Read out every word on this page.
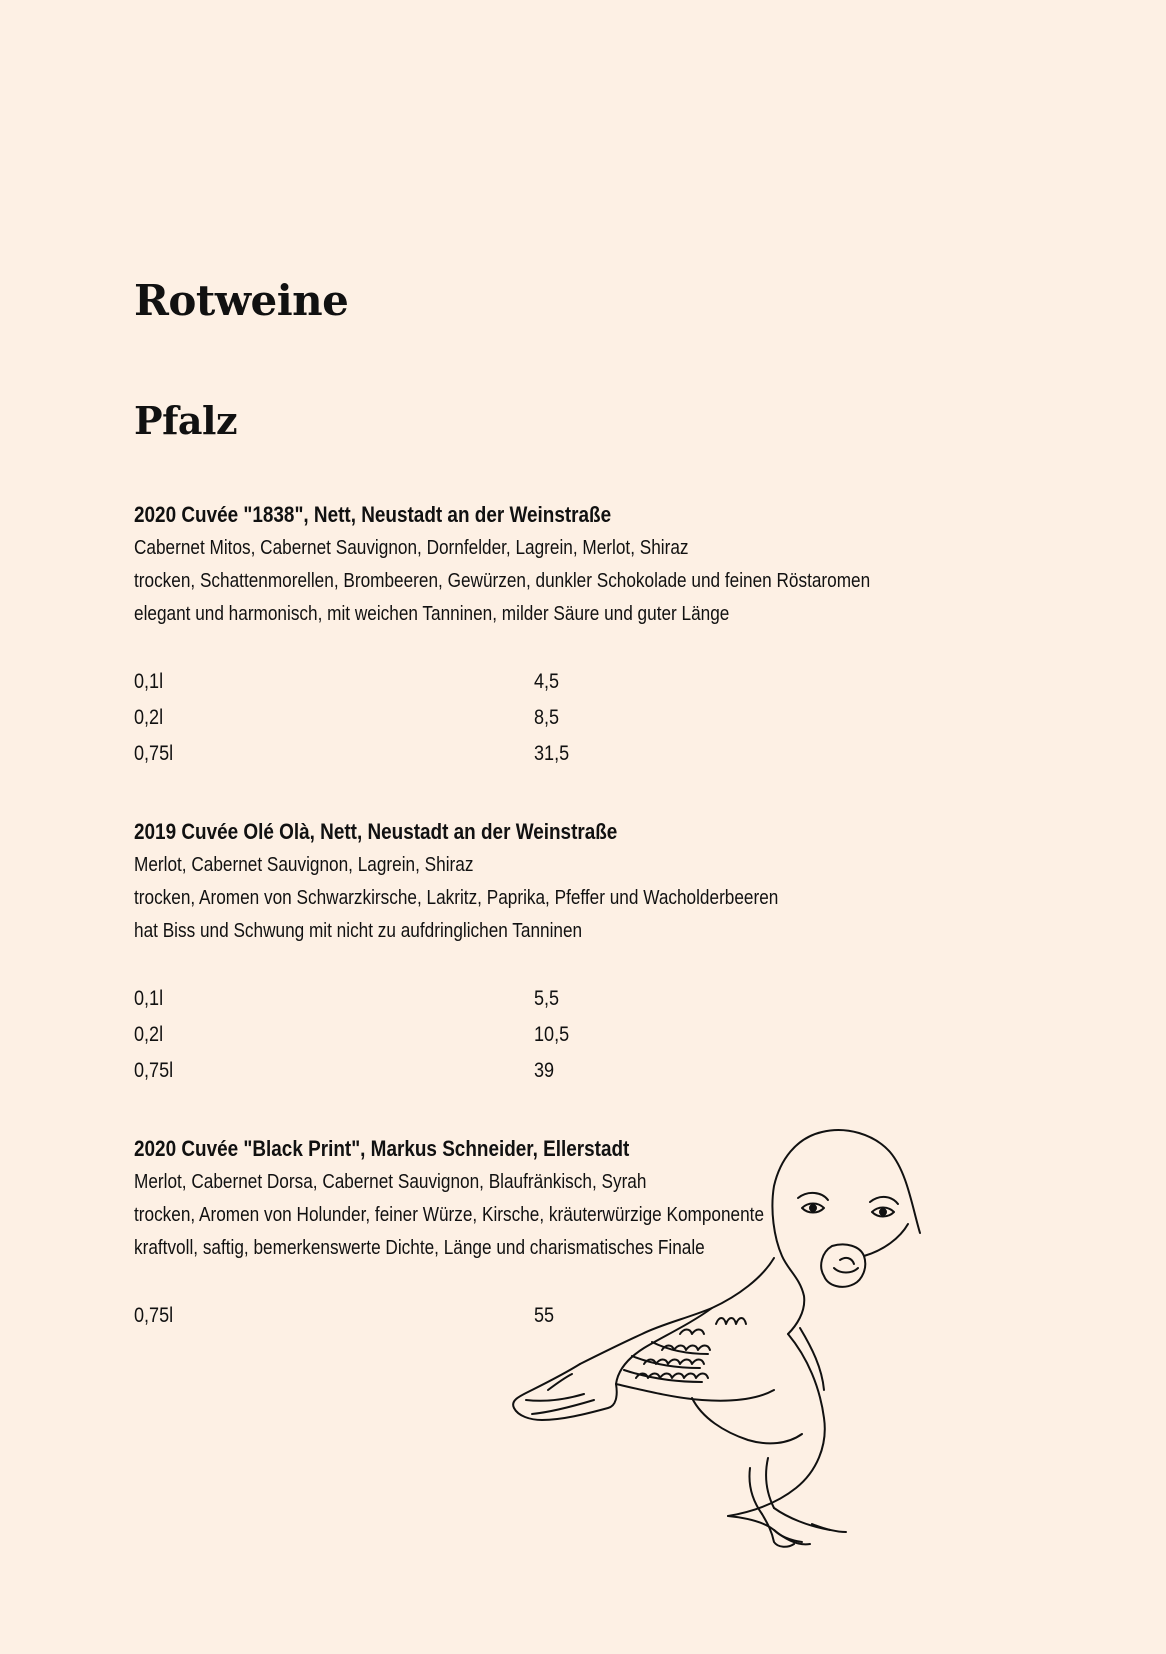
Rotweine
Pfalz
2020 Cuvée "1838", Nett, Neustadt an der Weinstraße
Cabernet Mitos, Cabernet Sauvignon, Dornfelder, Lagrein, Merlot, Shiraz
trocken, Schattenmorellen, Brombeeren, Gewürzen, dunkler Schokolade und feinen Röstaromen
elegant und harmonisch, mit weichen Tanninen, milder Säure und guter Länge
0,1l	4,5
0,2l	8,5
0,75l	31,5
2019 Cuvée Olé Olà, Nett, Neustadt an der Weinstraße
Merlot, Cabernet Sauvignon, Lagrein, Shiraz
trocken, Aromen von Schwarzkirsche, Lakritz, Paprika, Pfeffer und Wacholderbeeren
hat Biss und Schwung mit nicht zu aufdringlichen Tanninen
0,1l	5,5
0,2l	10,5
0,75l	39
2020 Cuvée "Black Print", Markus Schneider, Ellerstadt
Merlot, Cabernet Dorsa, Cabernet Sauvignon, Blaufränkisch, Syrah
trocken, Aromen von Holunder, feiner Würze, Kirsche, kräuterwürzige Komponente
kraftvoll, saftig, bemerkenswerte Dichte, Länge und charismatisches Finale
0,75l	55
